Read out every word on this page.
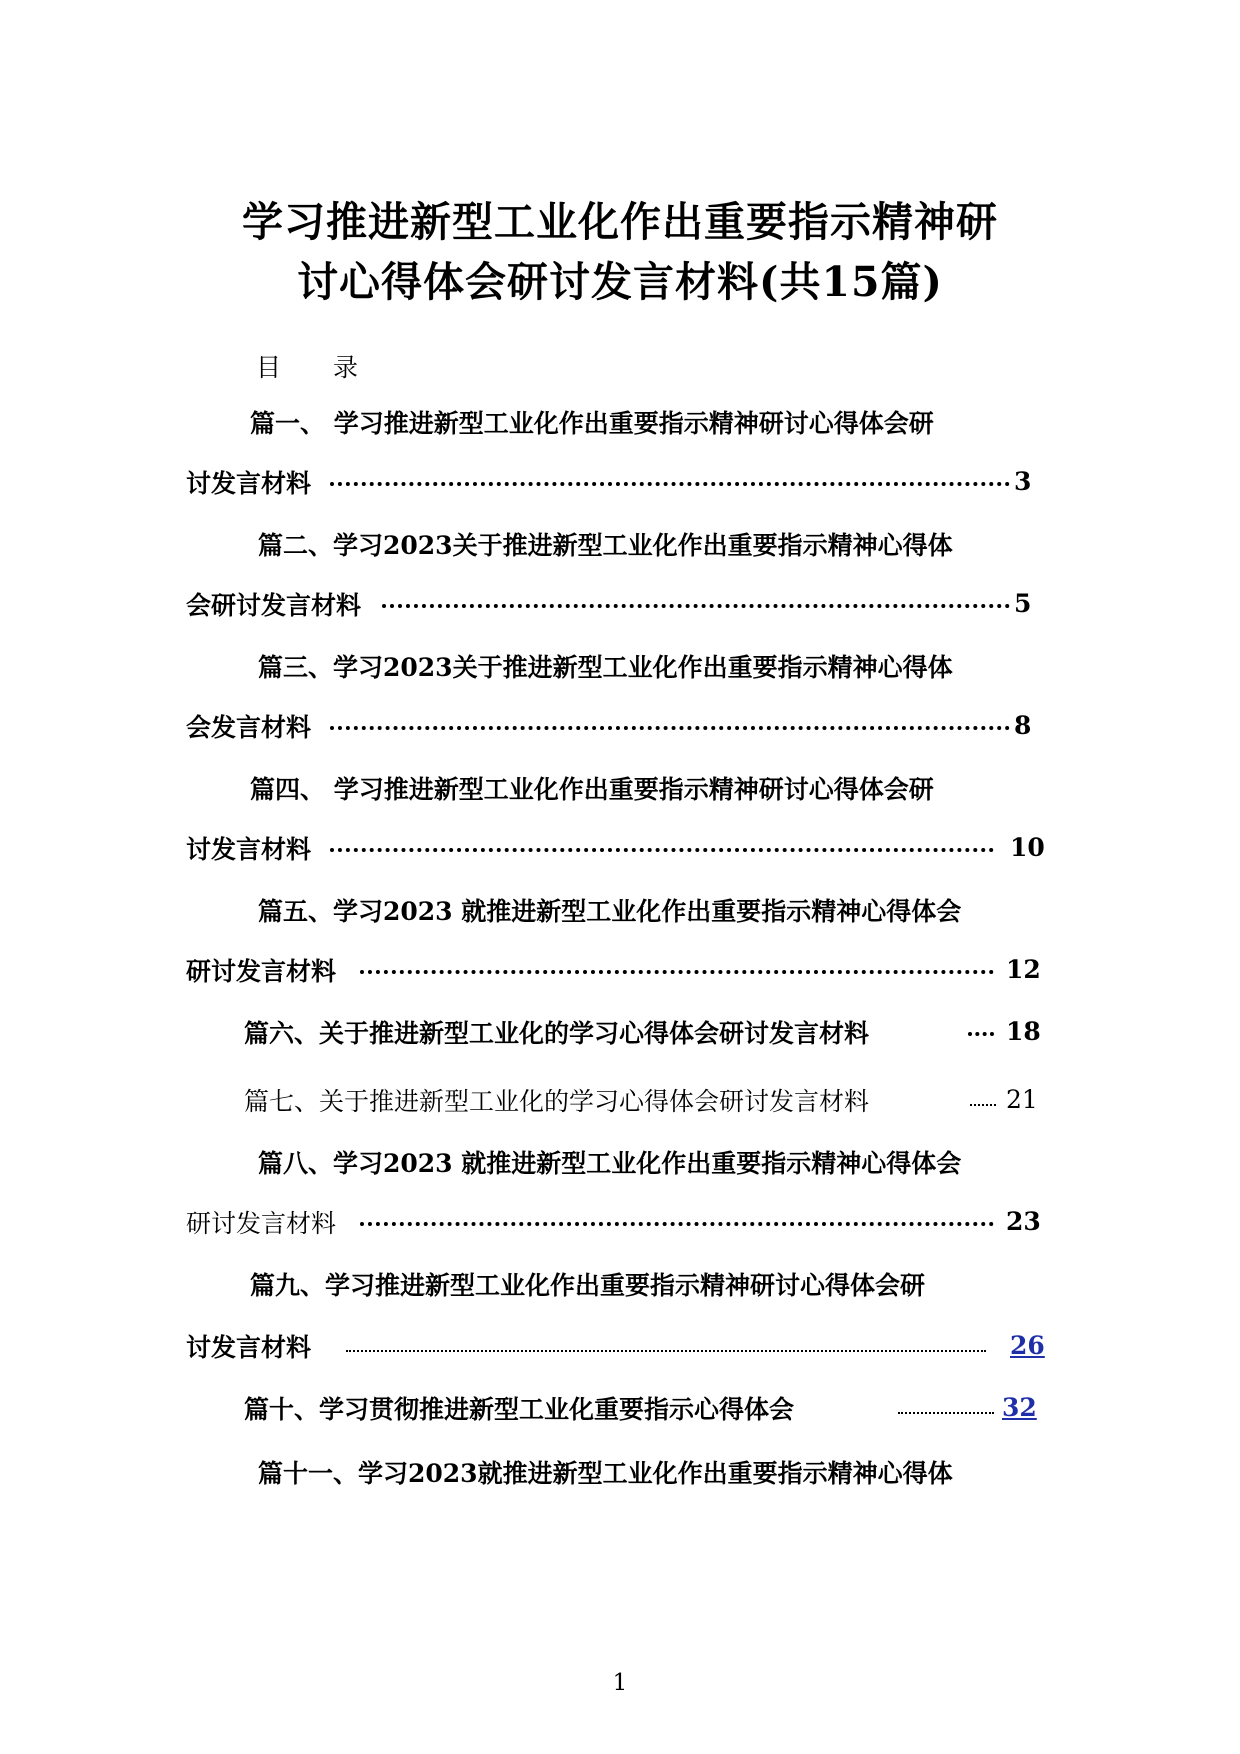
学习推进新型工业化作出重要指示精神研
讨心得体会研讨发言材料(共15篇)
目 录
篇一、 学习推进新型工业化作出重要指示精神研讨心得体会研
讨发言材料	3
篇二、学习2023关于推进新型工业化作出重要指示精神心得体
会研讨发言材料	5
篇三、学习2023关于推进新型工业化作出重要指示精神心得体
会发言材料	8
篇四、 学习推进新型工业化作出重要指示精神研讨心得体会研
讨发言材料	10
篇五、学习2023 就推进新型工业化作出重要指示精神心得体会
研讨发言材料	12
篇六、关于推进新型工业化的学习心得体会研讨发言材料	18
篇七、关于推进新型工业化的学习心得体会研讨发言材料	21
篇八、学习2023 就推进新型工业化作出重要指示精神心得体会
研讨发言材料	23
篇九、学习推进新型工业化作出重要指示精神研讨心得体会研
讨发言材料	26
篇十、学习贯彻推进新型工业化重要指示心得体会	32
篇十一、学习2023就推进新型工业化作出重要指示精神心得体
1
